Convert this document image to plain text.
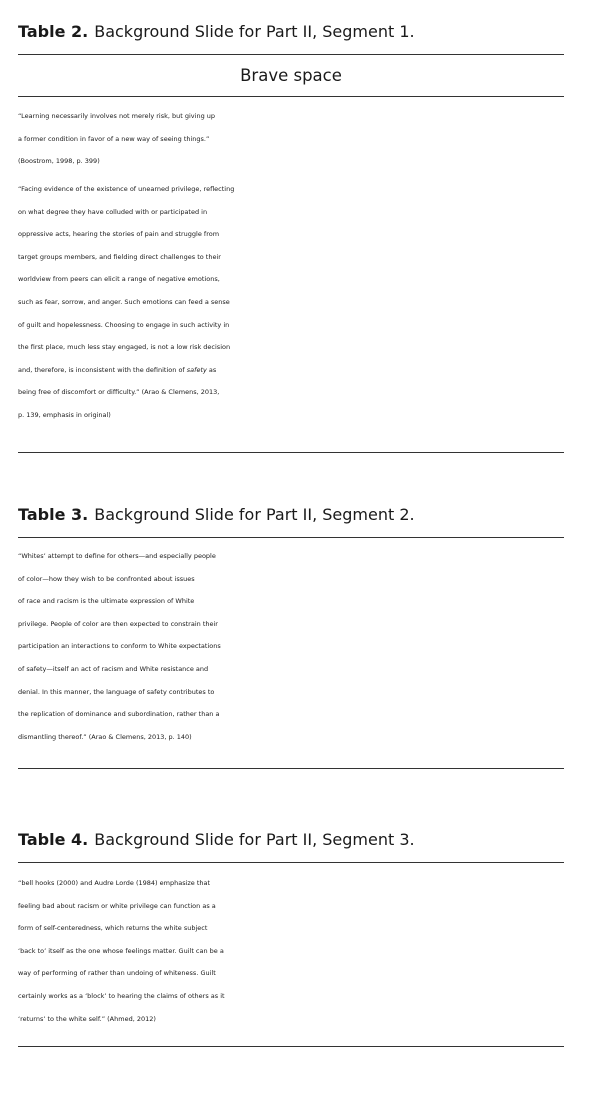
Table 2. Background Slide for Part II, Segment 1.

Brave space
“Learning necessarily involves not merely risk, but giving up
a former condition in favor of a new way of seeing things.”
(Boostrom, 1998, p. 399)
“Facing evidence of the existence of unearned privilege, reflecting
on what degree they have colluded with or participated in
oppressive acts, hearing the stories of pain and struggle from
target groups members, and fielding direct challenges to their
worldview from peers can elicit a range of negative emotions,
such as fear, sorrow, and anger. Such emotions can feed a sense
of guilt and hopelessness. Choosing to engage in such activity in
the first place, much less stay engaged, is not a low risk decision
and, therefore, is inconsistent with the definition of safety as
being free of discomfort or difficulty.” (Arao & Clemens, 2013,
p. 139, emphasis in original)

Table 3. Background Slide for Part II, Segment 2.

“Whites’ attempt to define for others—and especially people
of color—how they wish to be confronted about issues
of race and racism is the ultimate expression of White
privilege. People of color are then expected to constrain their
participation an interactions to conform to White expectations
of safety—itself an act of racism and White resistance and
denial. In this manner, the language of safety contributes to
the replication of dominance and subordination, rather than a
dismantling thereof.” (Arao & Clemens, 2013, p. 140)

Table 4. Background Slide for Part II, Segment 3.

“bell hooks (2000) and Audre Lorde (1984) emphasize that
feeling bad about racism or white privilege can function as a
form of self-centeredness, which returns the white subject
‘back to’ itself as the one whose feelings matter. Guilt can be a
way of performing of rather than undoing of whiteness. Guilt
certainly works as a ‘block’ to hearing the claims of others as it
‘returns’ to the white self.” (Ahmed, 2012)
